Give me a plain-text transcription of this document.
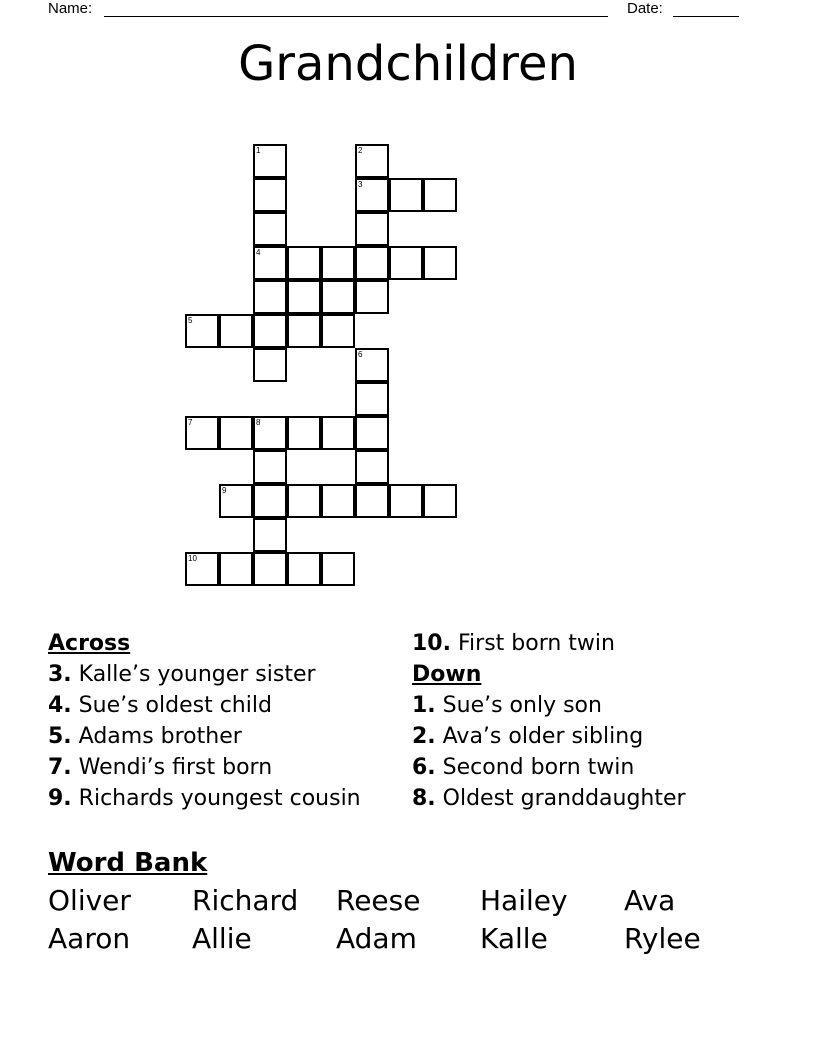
Name:	Date:
Grandchildren
1	2
3
4
5
6
7	8
9
10
Across
3. Kalle’s younger sister
4. Sue’s oldest child
5. Adams brother
7. Wendi’s first born
9. Richards youngest cousin
10. First born twin
Down
1. Sue’s only son
2. Ava’s older sibling
6. Second born twin
8. Oldest granddaughter
Word Bank
Oliver	Richard	Reese	Hailey	Ava
Aaron	Allie	Adam	Kalle	Rylee
